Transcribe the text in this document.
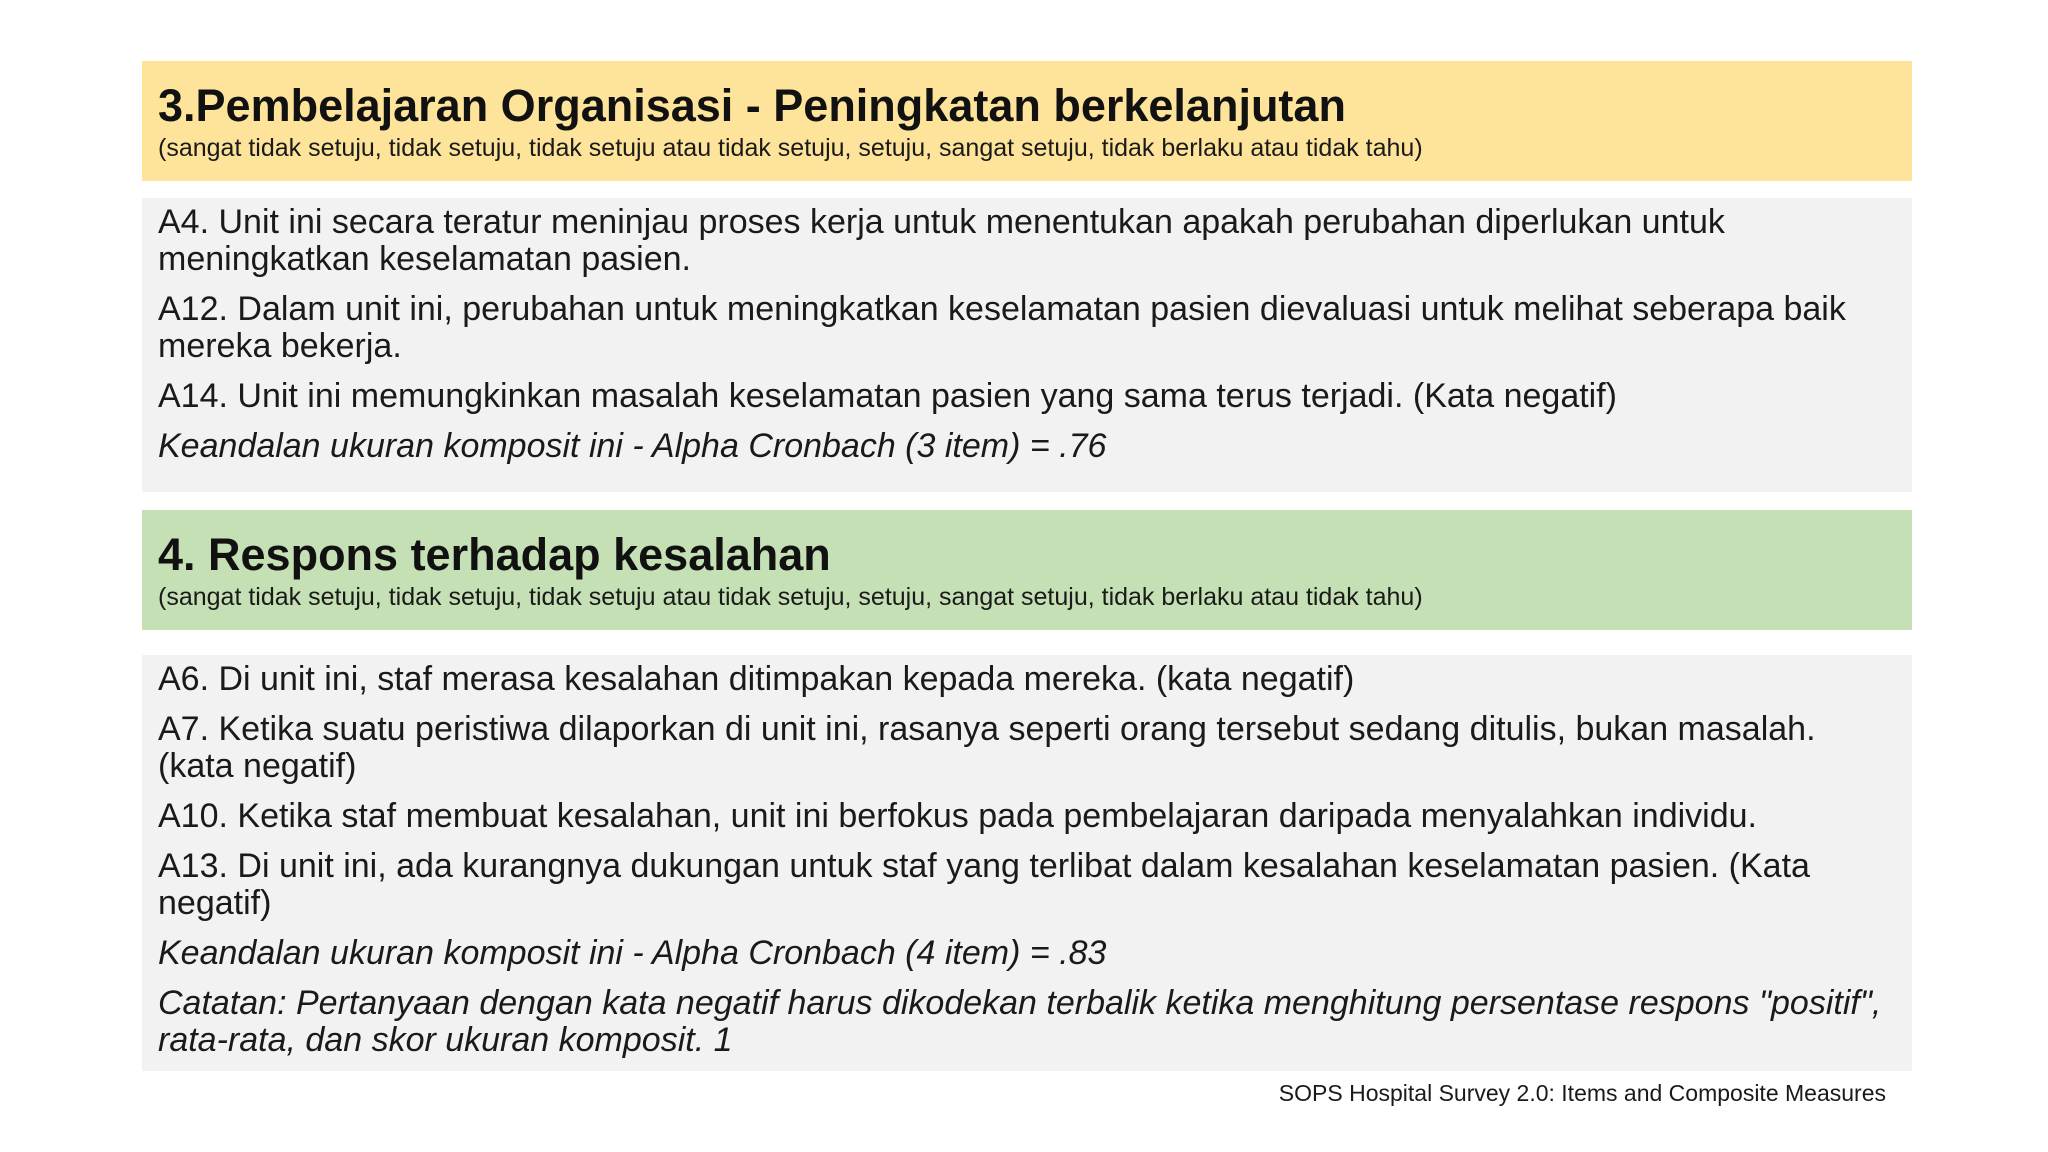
3.Pembelajaran Organisasi - Peningkatan berkelanjutan
(sangat tidak setuju, tidak setuju, tidak setuju atau tidak setuju, setuju, sangat setuju, tidak berlaku atau tidak tahu)

A4. Unit ini secara teratur meninjau proses kerja untuk menentukan apakah perubahan diperlukan untuk meningkatkan keselamatan pasien.

A12. Dalam unit ini, perubahan untuk meningkatkan keselamatan pasien dievaluasi untuk melihat seberapa baik mereka bekerja.

A14. Unit ini memungkinkan masalah keselamatan pasien yang sama terus terjadi. (Kata negatif)

Keandalan ukuran komposit ini - Alpha Cronbach (3 item) = .76

4. Respons terhadap kesalahan
(sangat tidak setuju, tidak setuju, tidak setuju atau tidak setuju, setuju, sangat setuju, tidak berlaku atau tidak tahu)

A6. Di unit ini, staf merasa kesalahan ditimpakan kepada mereka. (kata negatif)

A7. Ketika suatu peristiwa dilaporkan di unit ini, rasanya seperti orang tersebut sedang ditulis, bukan masalah. (kata negatif)

A10. Ketika staf membuat kesalahan, unit ini berfokus pada pembelajaran daripada menyalahkan individu.

A13. Di unit ini, ada kurangnya dukungan untuk staf yang terlibat dalam kesalahan keselamatan pasien. (Kata negatif)

Keandalan ukuran komposit ini - Alpha Cronbach (4 item) = .83

Catatan: Pertanyaan dengan kata negatif harus dikodekan terbalik ketika menghitung persentase respons "positif", rata-rata, dan skor ukuran komposit. 1

SOPS Hospital Survey 2.0: Items and Composite Measures
